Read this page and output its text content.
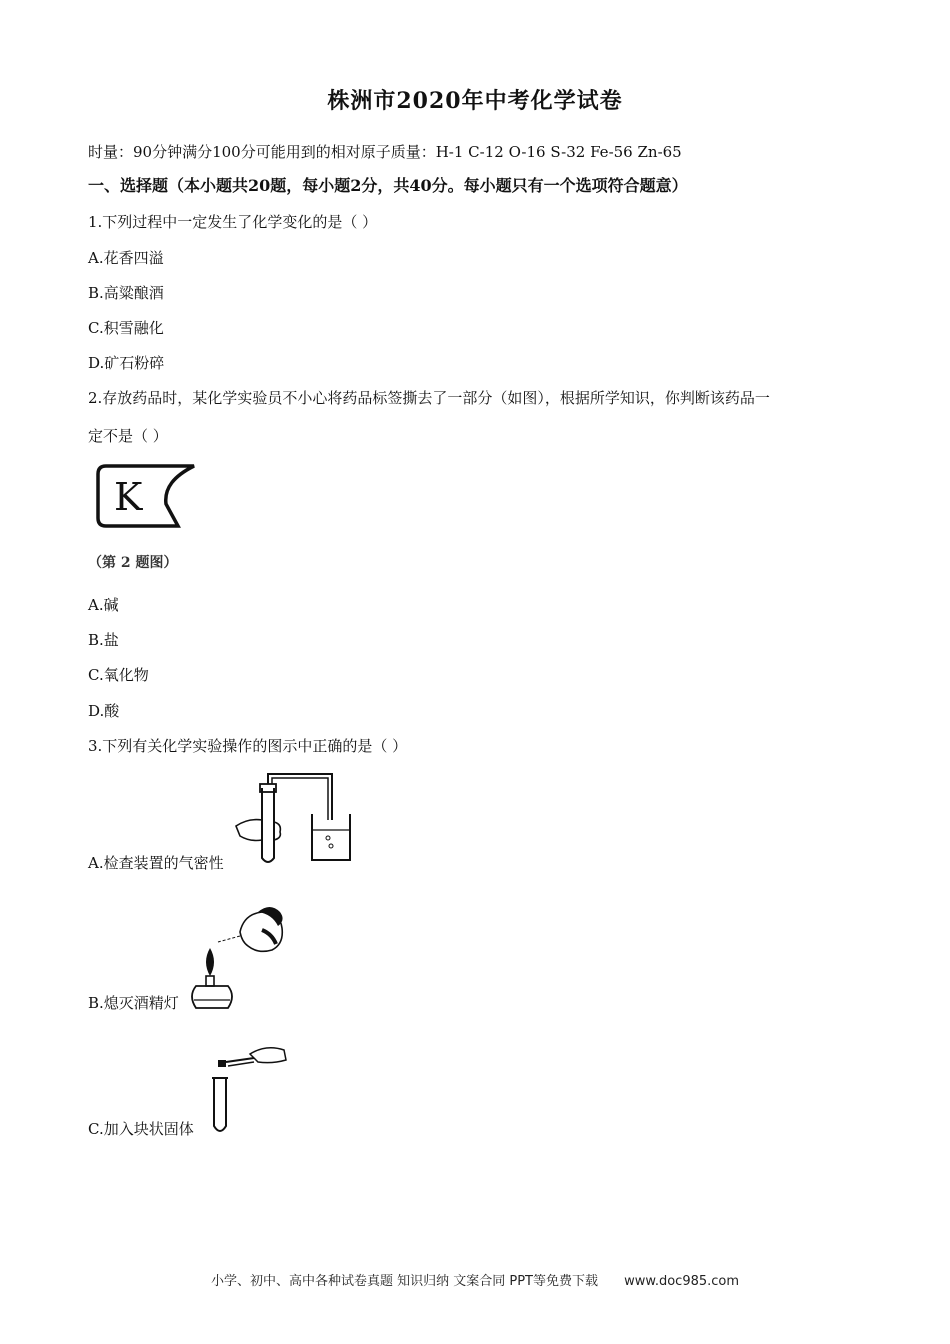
株洲市2020年中考化学试卷
时量：90分钟满分100分可能用到的相对原子质量：H-1 C-12 O-16 S-32 Fe-56 Zn-65
一、选择题（本小题共20题，每小题2分，共40分。每小题只有一个选项符合题意）
1.下列过程中一定发生了化学变化的是（ ）
A.花香四溢
B.高粱酿酒
C.积雪融化
D.矿石粉碎
2.存放药品时，某化学实验员不小心将药品标签撕去了一部分（如图），根据所学知识，你判断该药品一
定不是（ ）
K
（第 2 题图）
A.碱
B.盐
C.氧化物
D.酸
3.下列有关化学实验操作的图示中正确的是（ ）
A.检查装置的气密性
B.熄灭酒精灯
C.加入块状固体
小学、初中、高中各种试卷真题 知识归纳 文案合同 PPT等免费下载 www.doc985.com
